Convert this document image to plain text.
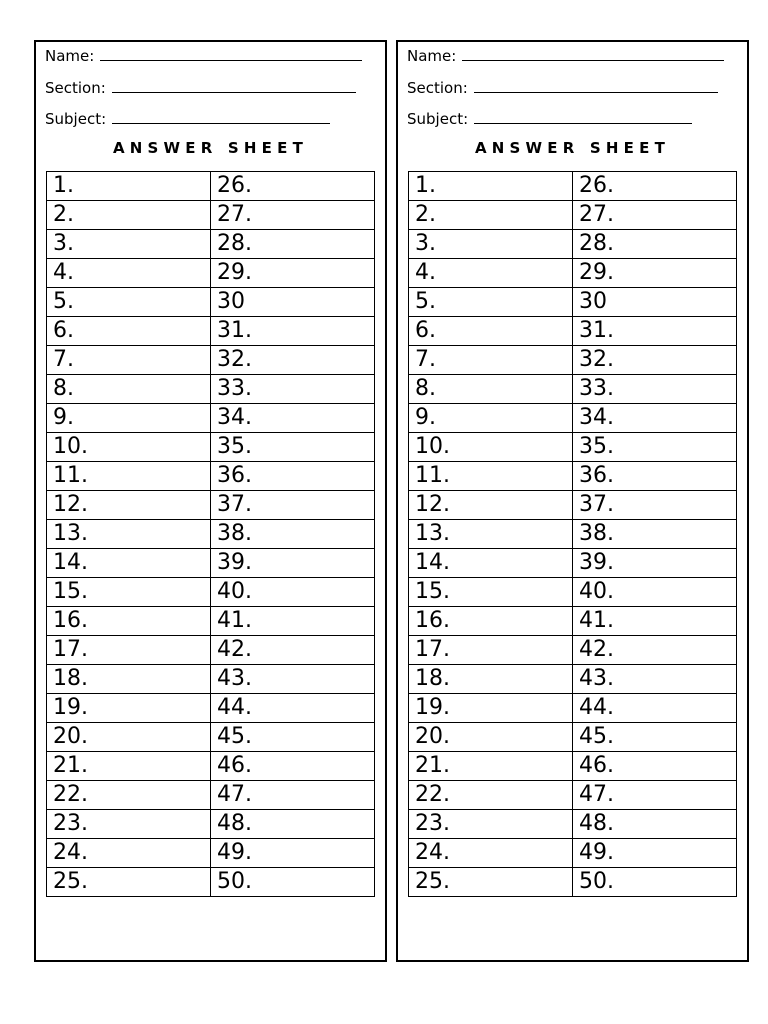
Name:
Section:
Subject:
ANSWER SHEET
1.	26.
2.	27.
3.	28.
4.	29.
5.	30
6.	31.
7.	32.
8.	33.
9.	34.
10.	35.
11.	36.
12.	37.
13.	38.
14.	39.
15.	40.
16.	41.
17.	42.
18.	43.
19.	44.
20.	45.
21.	46.
22.	47.
23.	48.
24.	49.
25.	50.
Name:
Section:
Subject:
ANSWER SHEET
1.	26.
2.	27.
3.	28.
4.	29.
5.	30
6.	31.
7.	32.
8.	33.
9.	34.
10.	35.
11.	36.
12.	37.
13.	38.
14.	39.
15.	40.
16.	41.
17.	42.
18.	43.
19.	44.
20.	45.
21.	46.
22.	47.
23.	48.
24.	49.
25.	50.
